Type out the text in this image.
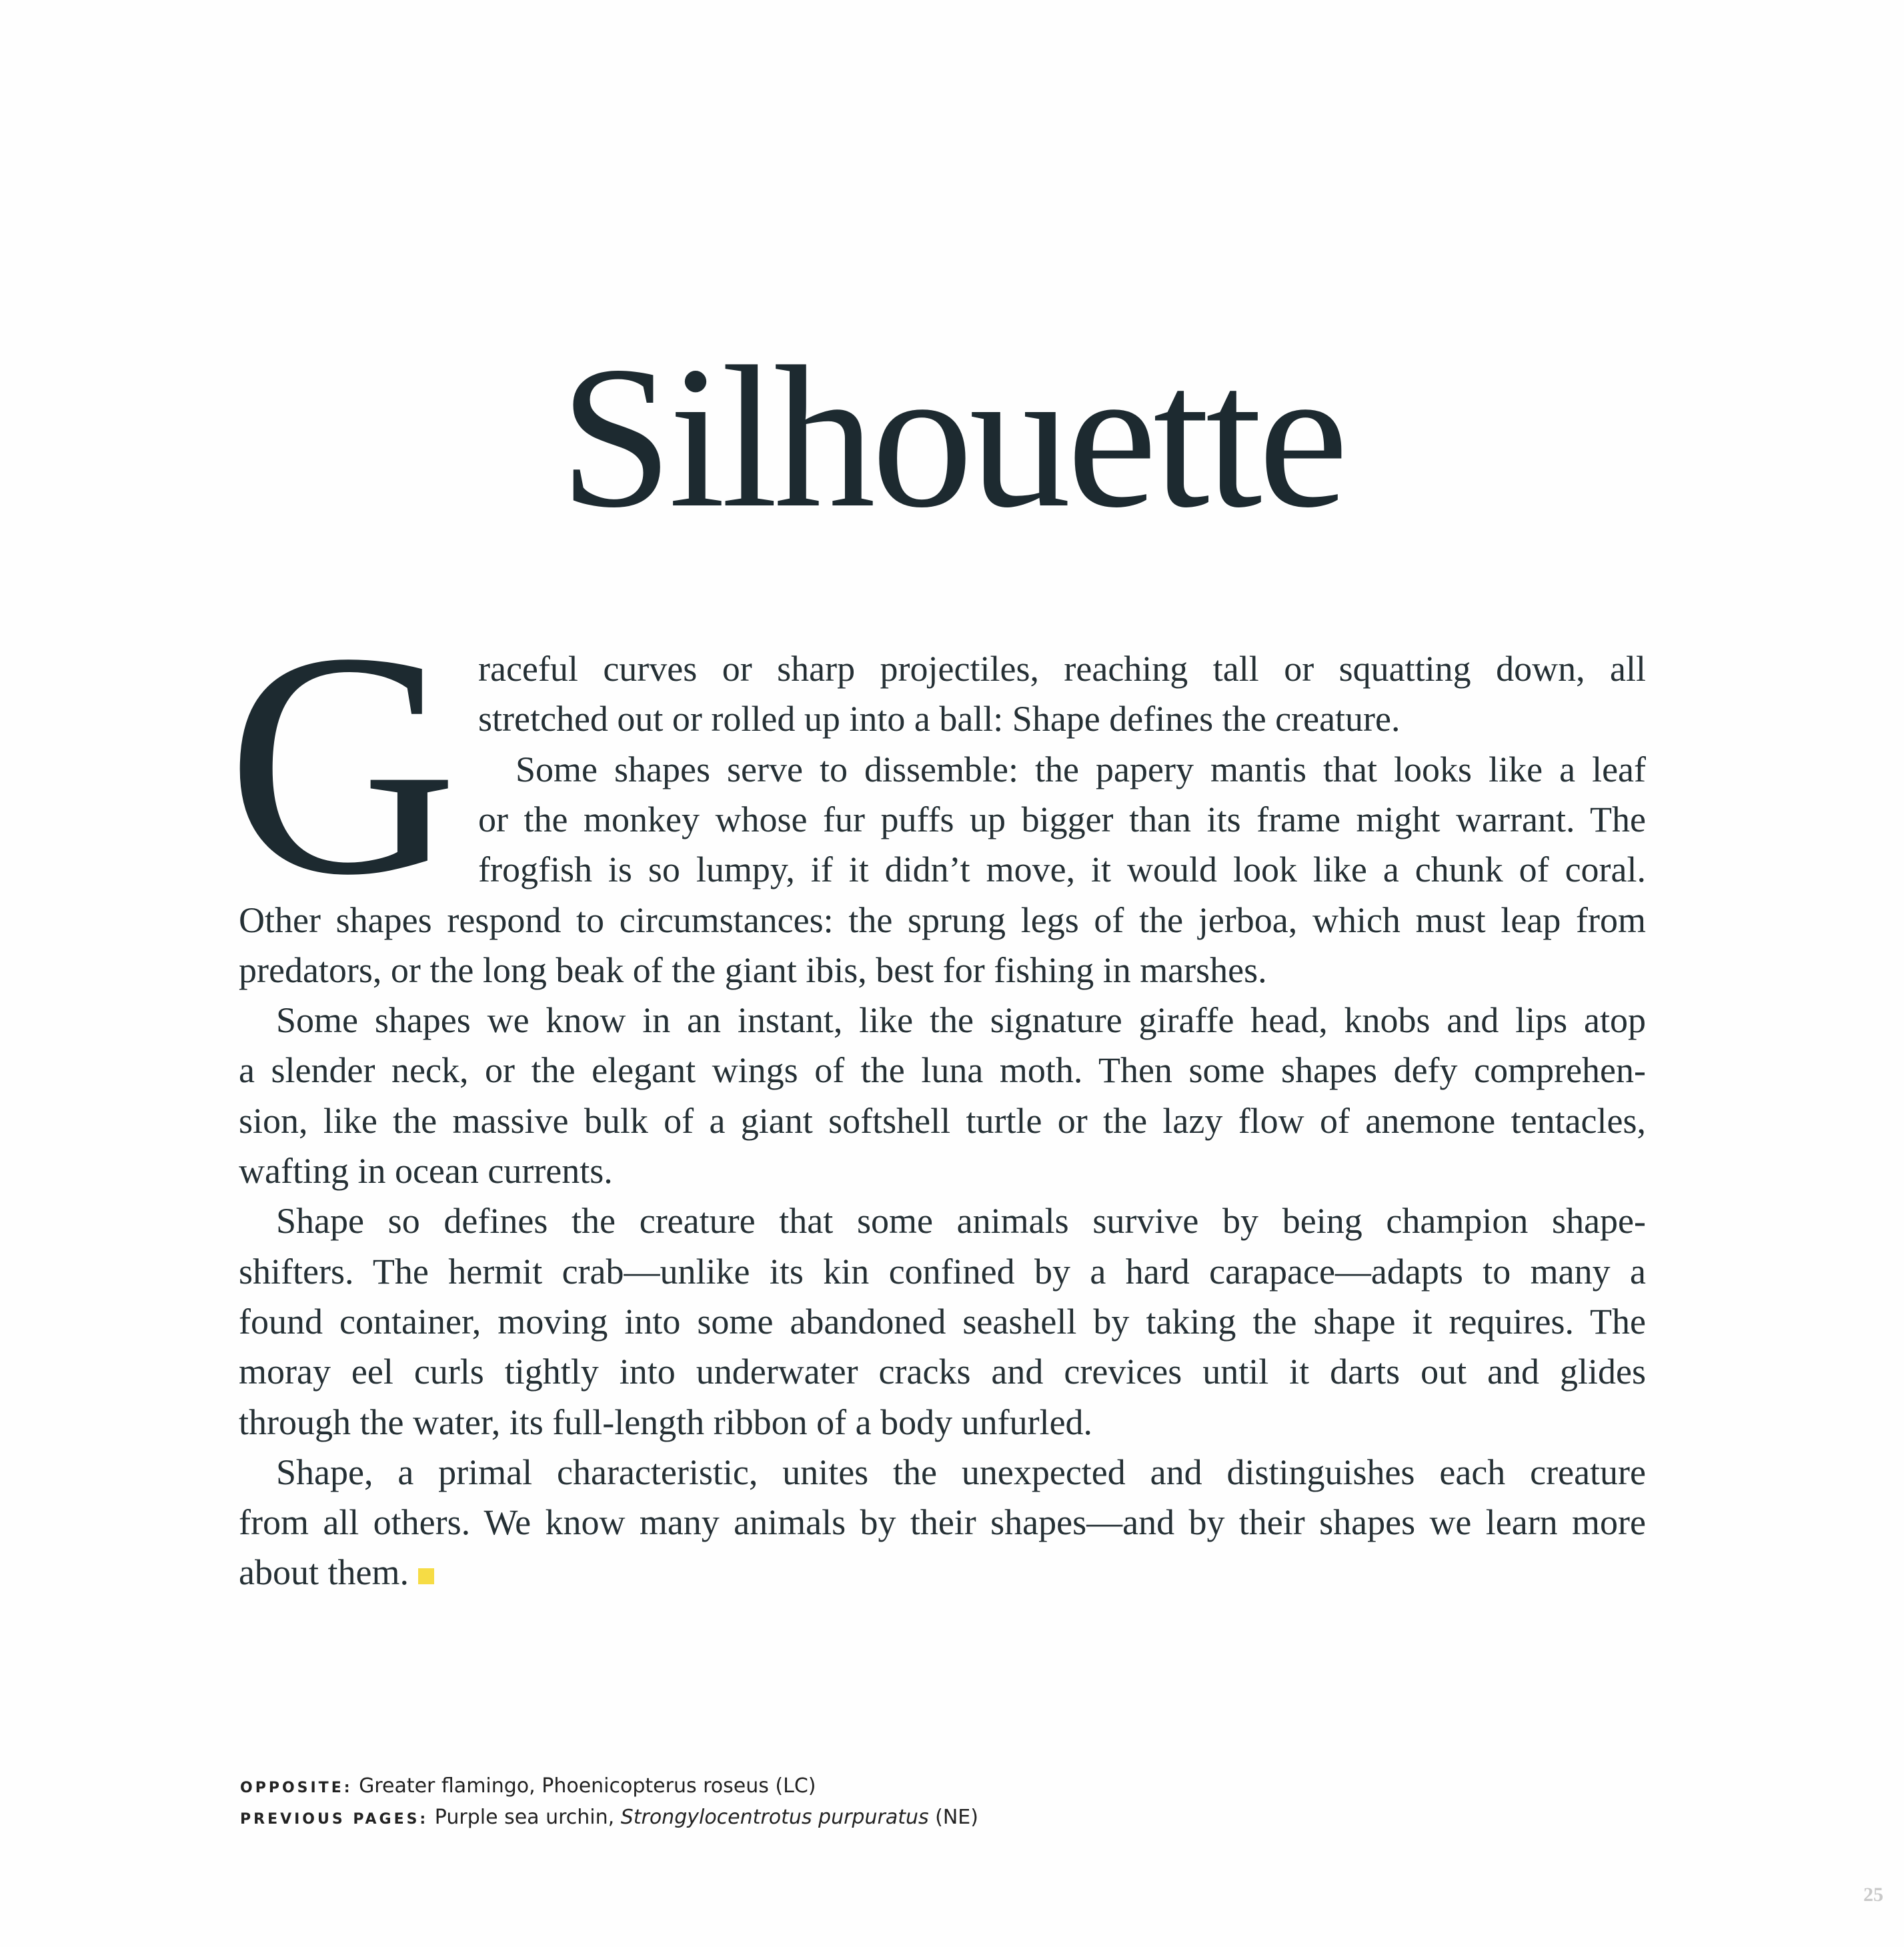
Silhouette
G raceful curves or sharp projectiles, reaching tall or squatting down, all
stretched out or rolled up into a ball: Shape defines the creature.
Some shapes serve to dissemble: the papery mantis that looks like a leaf
or the monkey whose fur puffs up bigger than its frame might warrant. The
frogfish is so lumpy, if it didn’t move, it would look like a chunk of coral.
Other shapes respond to circumstances: the sprung legs of the jerboa, which must leap from
predators, or the long beak of the giant ibis, best for fishing in marshes.
Some shapes we know in an instant, like the signature giraffe head, knobs and lips atop
a slender neck, or the elegant wings of the luna moth. Then some shapes defy comprehen-
sion, like the massive bulk of a giant softshell turtle or the lazy flow of anemone tentacles,
wafting in ocean currents.
Shape so defines the creature that some animals survive by being champion shape-
shifters. The hermit crab—unlike its kin confined by a hard carapace—adapts to many a
found container, moving into some abandoned seashell by taking the shape it requires. The
moray eel curls tightly into underwater cracks and crevices until it darts out and glides
through the water, its full-length ribbon of a body unfurled.
Shape, a primal characteristic, unites the unexpected and distinguishes each creature
from all others. We know many animals by their shapes—and by their shapes we learn more
about them.
OPPOSITE: Greater flamingo, Phoenicopterus roseus (LC)
PREVIOUS PAGES: Purple sea urchin, Strongylocentrotus purpuratus (NE)
25
